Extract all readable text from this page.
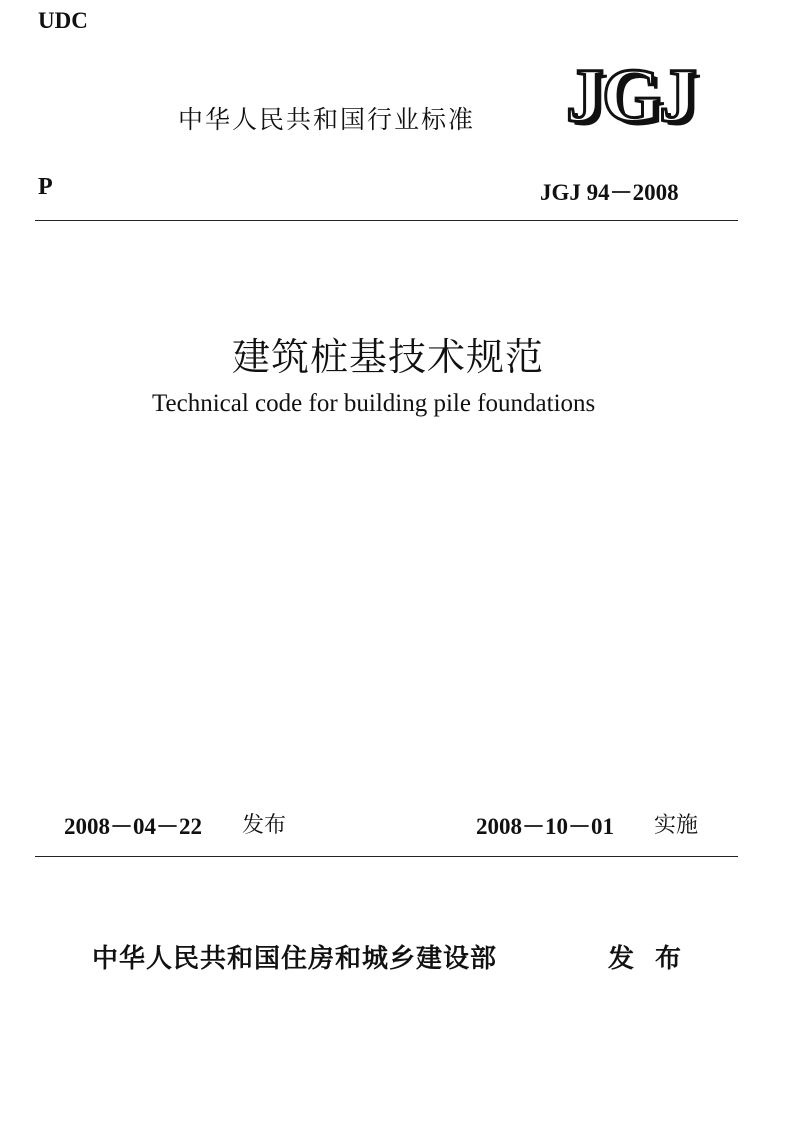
UDC
中华人民共和国行业标准 JGJ
P	JGJ 94－2008
建筑桩基技术规范
Technical code for building pile foundations
2008－04－22 发布	2008－10－01 实施
中华人民共和国住房和城乡建设部	发 布
